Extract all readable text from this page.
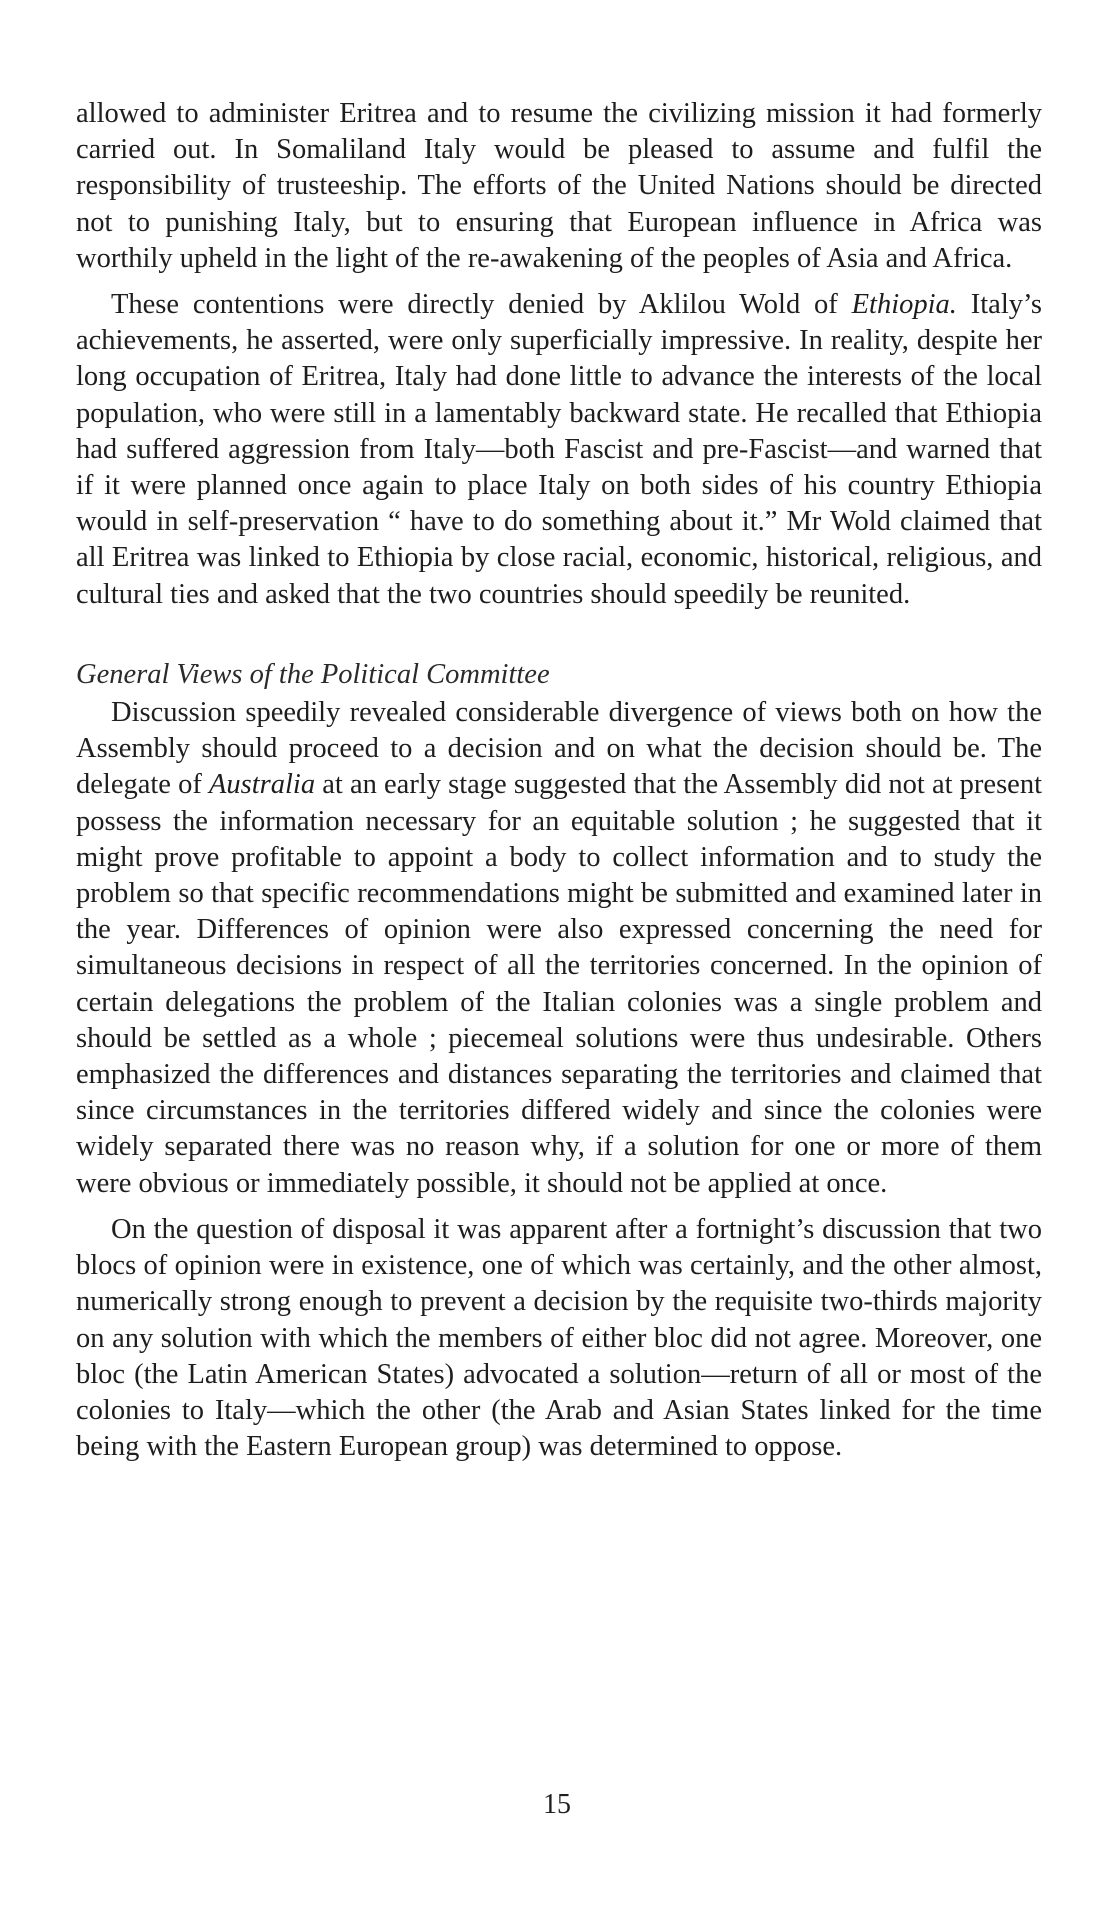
allowed to administer Eritrea and to resume the civilizing mission it had formerly carried out. In Somaliland Italy would be pleased to assume and fulfil the responsibility of trusteeship. The efforts of the United Nations should be directed not to punishing Italy, but to ensuring that European influence in Africa was worthily upheld in the light of the re-awakening of the peoples of Asia and Africa.

These contentions were directly denied by Aklilou Wold of Ethiopia. Italy’s achievements, he asserted, were only superficially impressive. In reality, despite her long occupation of Eritrea, Italy had done little to advance the interests of the local population, who were still in a lamentably backward state. He recalled that Ethiopia had suffered aggression from Italy—both Fascist and pre-Fascist—and warned that if it were planned once again to place Italy on both sides of his country Ethiopia would in self-preservation “ have to do something about it.” Mr Wold claimed that all Eritrea was linked to Ethiopia by close racial, economic, historical, religious, and cultural ties and asked that the two countries should speedily be reunited.

General Views of the Political Committee

Discussion speedily revealed considerable divergence of views both on how the Assembly should proceed to a decision and on what the decision should be. The delegate of Australia at an early stage suggested that the Assembly did not at present possess the information necessary for an equitable solution ; he suggested that it might prove profitable to appoint a body to collect information and to study the problem so that specific recommendations might be submitted and examined later in the year. Differences of opinion were also expressed concerning the need for simultaneous decisions in respect of all the territories concerned. In the opinion of certain delegations the problem of the Italian colonies was a single problem and should be settled as a whole ; piecemeal solutions were thus undesirable. Others emphasized the differences and distances separating the territories and claimed that since circumstances in the territories differed widely and since the colonies were widely separated there was no reason why, if a solution for one or more of them were obvious or immediately possible, it should not be applied at once.

On the question of disposal it was apparent after a fortnight’s discussion that two blocs of opinion were in existence, one of which was certainly, and the other almost, numerically strong enough to prevent a decision by the requisite two-thirds majority on any solution with which the members of either bloc did not agree. Moreover, one bloc (the Latin American States) advocated a solution—return of all or most of the colonies to Italy—which the other (the Arab and Asian States linked for the time being with the Eastern European group) was determined to oppose.

15
